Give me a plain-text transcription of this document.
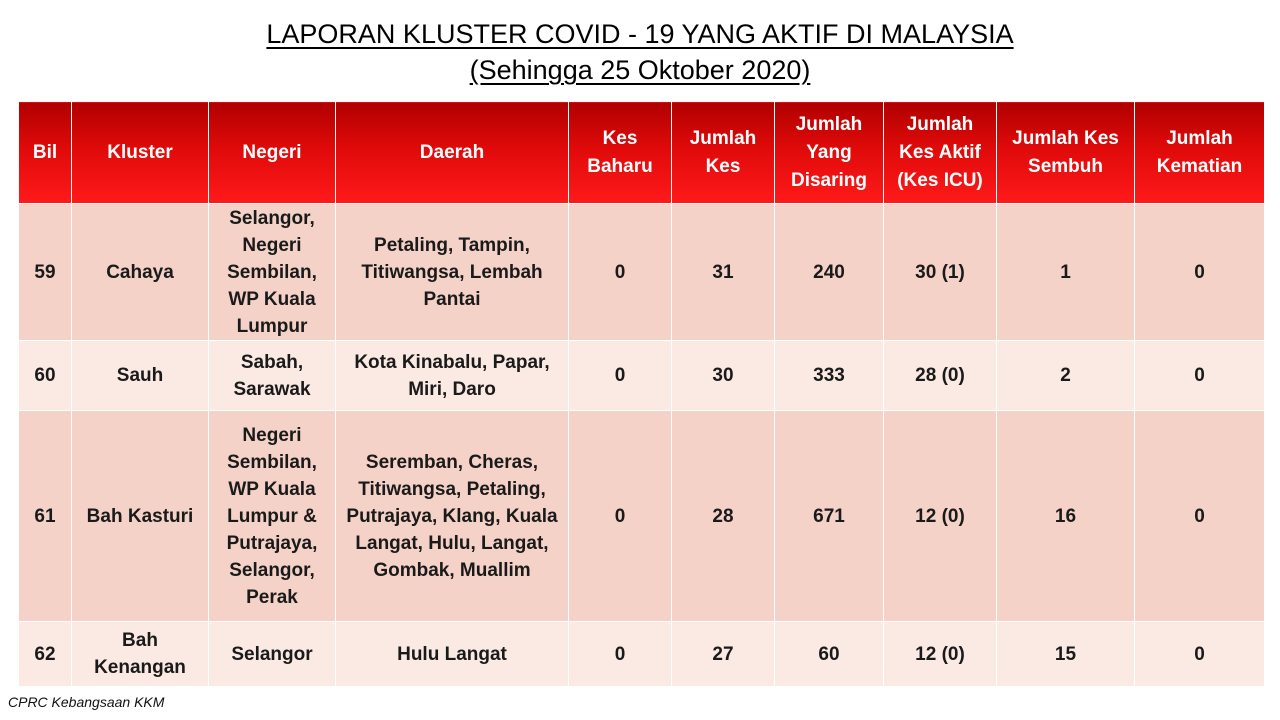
LAPORAN KLUSTER COVID - 19 YANG AKTIF DI MALAYSIA
(Sehingga 25 Oktober 2020)
Bil	Kluster	Negeri	Daerah	Kes Baharu	Jumlah Kes	Jumlah Yang Disaring	Jumlah Kes Aktif (Kes ICU)	Jumlah Kes Sembuh	Jumlah Kematian
59	Cahaya	Selangor, Negeri Sembilan, WP Kuala Lumpur	Petaling, Tampin, Titiwangsa, Lembah Pantai	0	31	240	30 (1)	1	0
60	Sauh	Sabah, Sarawak	Kota Kinabalu, Papar, Miri, Daro	0	30	333	28 (0)	2	0
61	Bah Kasturi	Negeri Sembilan, WP Kuala Lumpur & Putrajaya, Selangor, Perak	Seremban, Cheras, Titiwangsa, Petaling, Putrajaya, Klang, Kuala Langat, Hulu, Langat, Gombak, Muallim	0	28	671	12 (0)	16	0
62	Bah Kenangan	Selangor	Hulu Langat	0	27	60	12 (0)	15	0
CPRC Kebangsaan KKM
